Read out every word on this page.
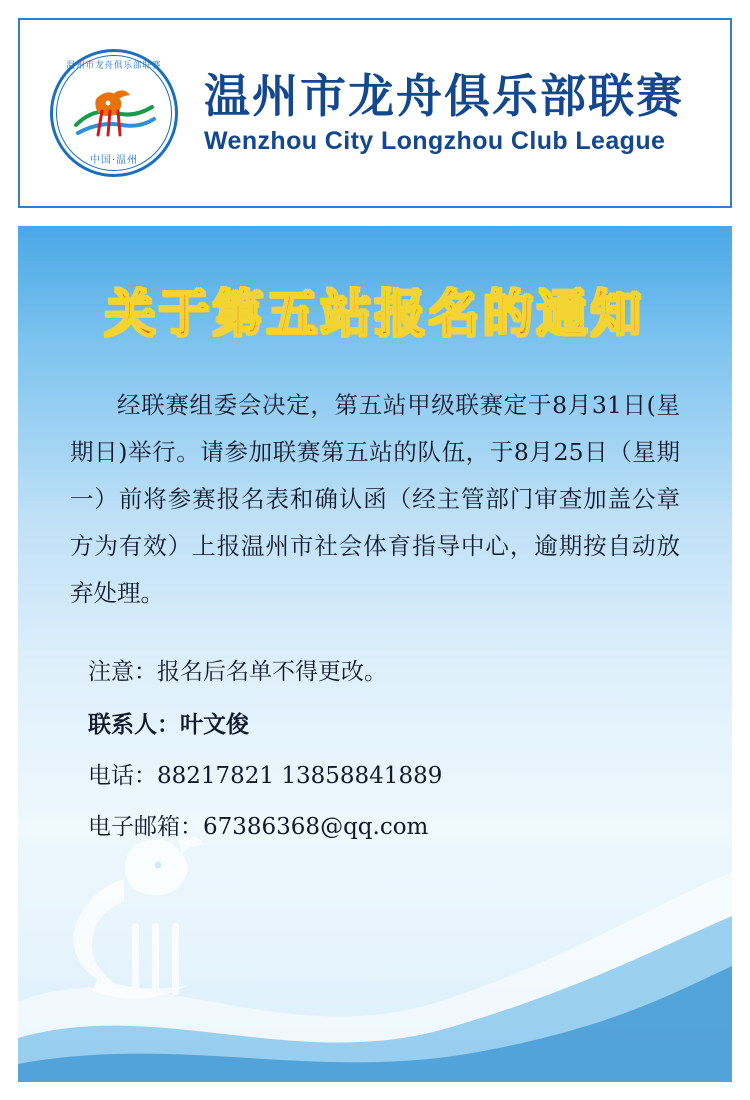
温州市龙舟俱乐部联赛
中国·温州
温州市龙舟俱乐部联赛
Wenzhou City Longzhou Club League
关于第五站报名的通知

经联赛组委会决定，第五站甲级联赛定于8月31日(星期日)举行。请参加联赛第五站的队伍，于8月25日（星期一）前将参赛报名表和确认函（经主管部门审查加盖公章方为有效）上报温州市社会体育指导中心，逾期按自动放弃处理。

注意：报名后名单不得更改。
联系人：叶文俊
电话：88217821 13858841889
电子邮箱：67386368@qq.com
